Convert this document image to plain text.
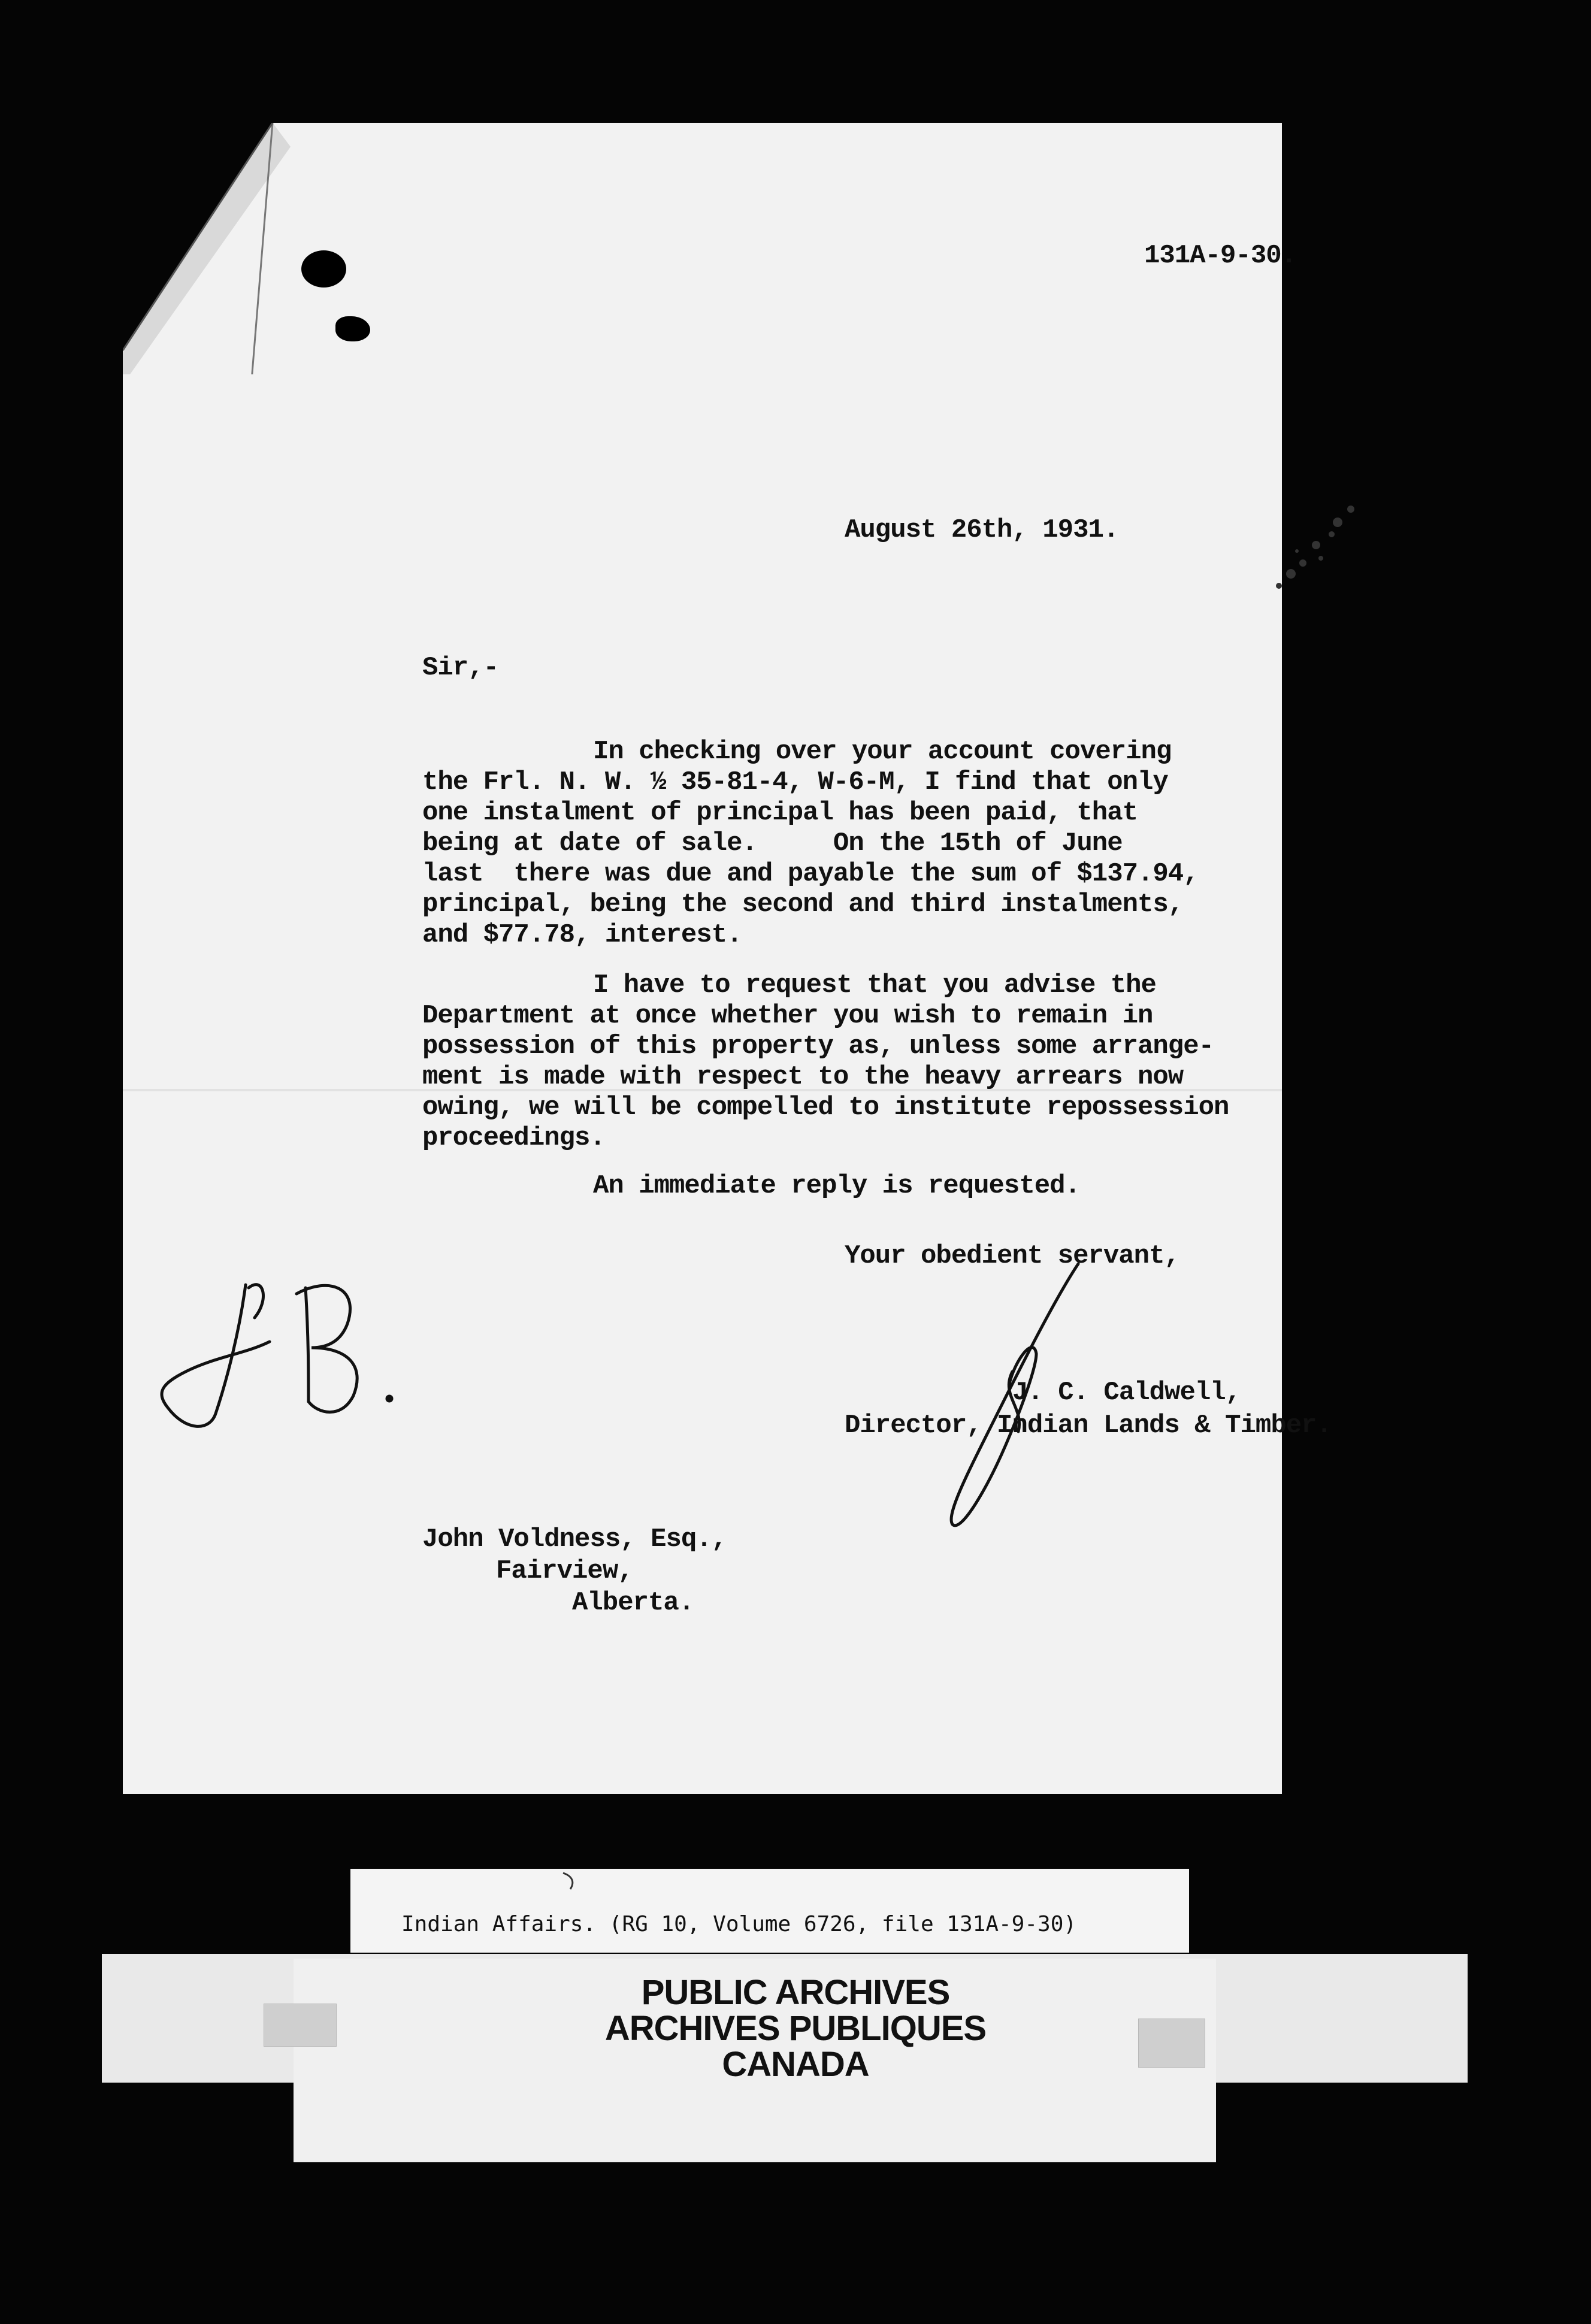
131A-9-30.

August 26th, 1931.

Sir,-

In checking over your account covering

the Frl. N. W. ½ 35-81-4, W-6-M, I find that only

one instalment of principal has been paid, that

being at date of sale.     On the 15th of June

last  there was due and payable the sum of $137.94,

principal, being the second and third instalments,

and $77.78, interest.

I have to request that you advise the

Department at once whether you wish to remain in

possession of this property as, unless some arrange-

ment is made with respect to the heavy arrears now

owing, we will be compelled to institute repossession

proceedings.

An immediate reply is requested.

Your obedient servant,

J. C. Caldwell,

Director, Indian Lands & Timber.

John Voldness, Esq.,

Fairview,

Alberta.

Indian Affairs. (RG 10, Volume 6726, file 131A-9-30)

PUBLIC ARCHIVES

ARCHIVES PUBLIQUES

CANADA
